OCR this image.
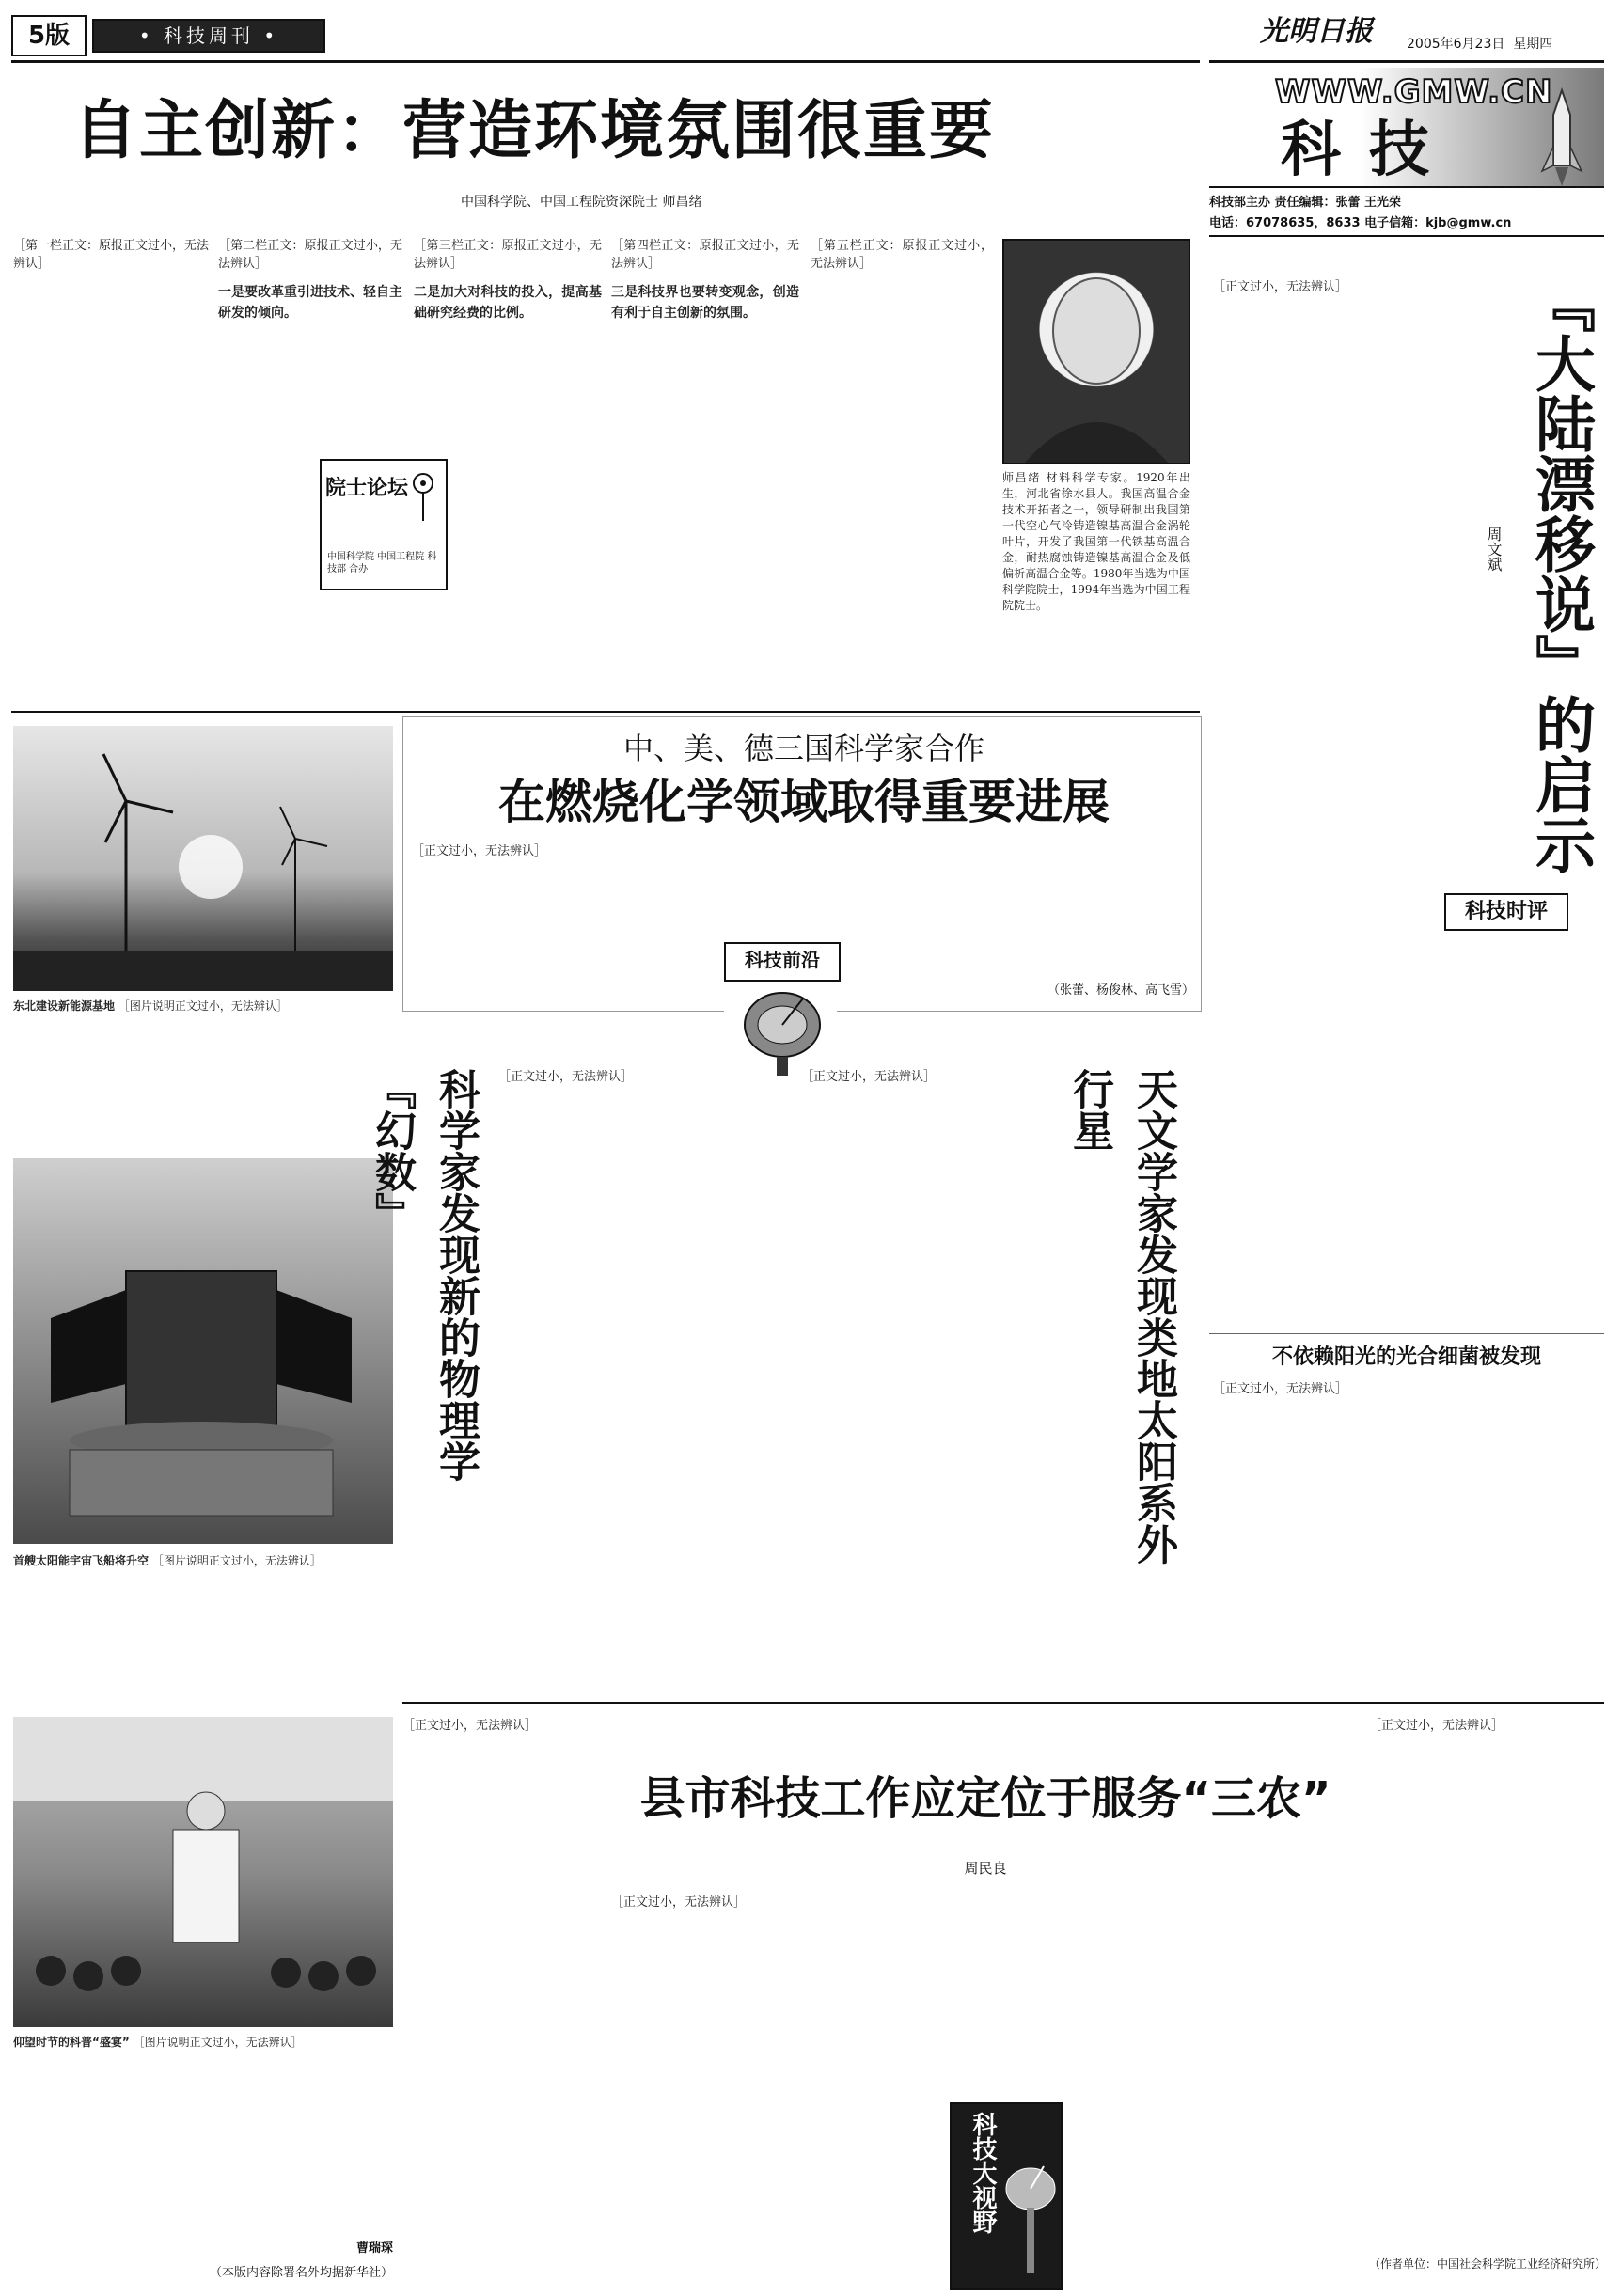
5版	• 科技周刊 •	光明日报	2005年6月23日 星期四
WWW.GMW.CN
科技
科技部主办 责任编辑：张蕾 王光荣
电话：67078635，8633 电子信箱：kjb@gmw.cn
自主创新：营造环境氛围很重要
中国科学院、中国工程院资深院士 师昌绪
［第一栏正文：原报正文过小，无法辨认］
［第二栏正文：原报正文过小，无法辨认］
一是要改革重引进技术、轻自主研发的倾向。
院士论坛
中国科学院 中国工程院 科技部 合办
［第三栏正文：原报正文过小，无法辨认］
二是加大对科技的投入，提高基础研究经费的比例。
［第四栏正文：原报正文过小，无法辨认］
三是科技界也要转变观念，创造有利于自主创新的氛围。
［第五栏正文：原报正文过小，无法辨认］
师昌绪 材料科学专家。1920年出生，河北省徐水县人。我国高温合金技术开拓者之一，领导研制出我国第一代空心气冷铸造镍基高温合金涡轮叶片，开发了我国第一代铁基高温合金，耐热腐蚀铸造镍基高温合金及低偏析高温合金等。1980年当选为中国科学院院士，1994年当选为中国工程院院士。	『大陆漂移说』的启示
周文斌
科技时评
［正文过小，无法辨认］
东北建设新能源基地 ［图片说明正文过小，无法辨认］
首艘太阳能宇宙飞船将升空 ［图片说明正文过小，无法辨认］
中、美、德三国科学家合作
在燃烧化学领域取得重要进展
［正文过小，无法辨认］
（张蕾、杨俊林、高飞雪）
科技前沿
科学家发现新的物理学『幻数』	［正文过小，无法辨认］	天文学家发现类地太阳系外行星
［正文过小，无法辨认］
不依赖阳光的光合细菌被发现
［正文过小，无法辨认］
仰望时节的科普“盛宴” ［图片说明正文过小，无法辨认］
曹瑞琛
（本版内容除署名外均据新华社）
［正文过小，无法辨认］
县市科技工作应定位于服务“三农”
周民良
［正文过小，无法辨认］
［正文过小，无法辨认］
（作者单位：中国社会科学院工业经济研究所）
科技大视野
